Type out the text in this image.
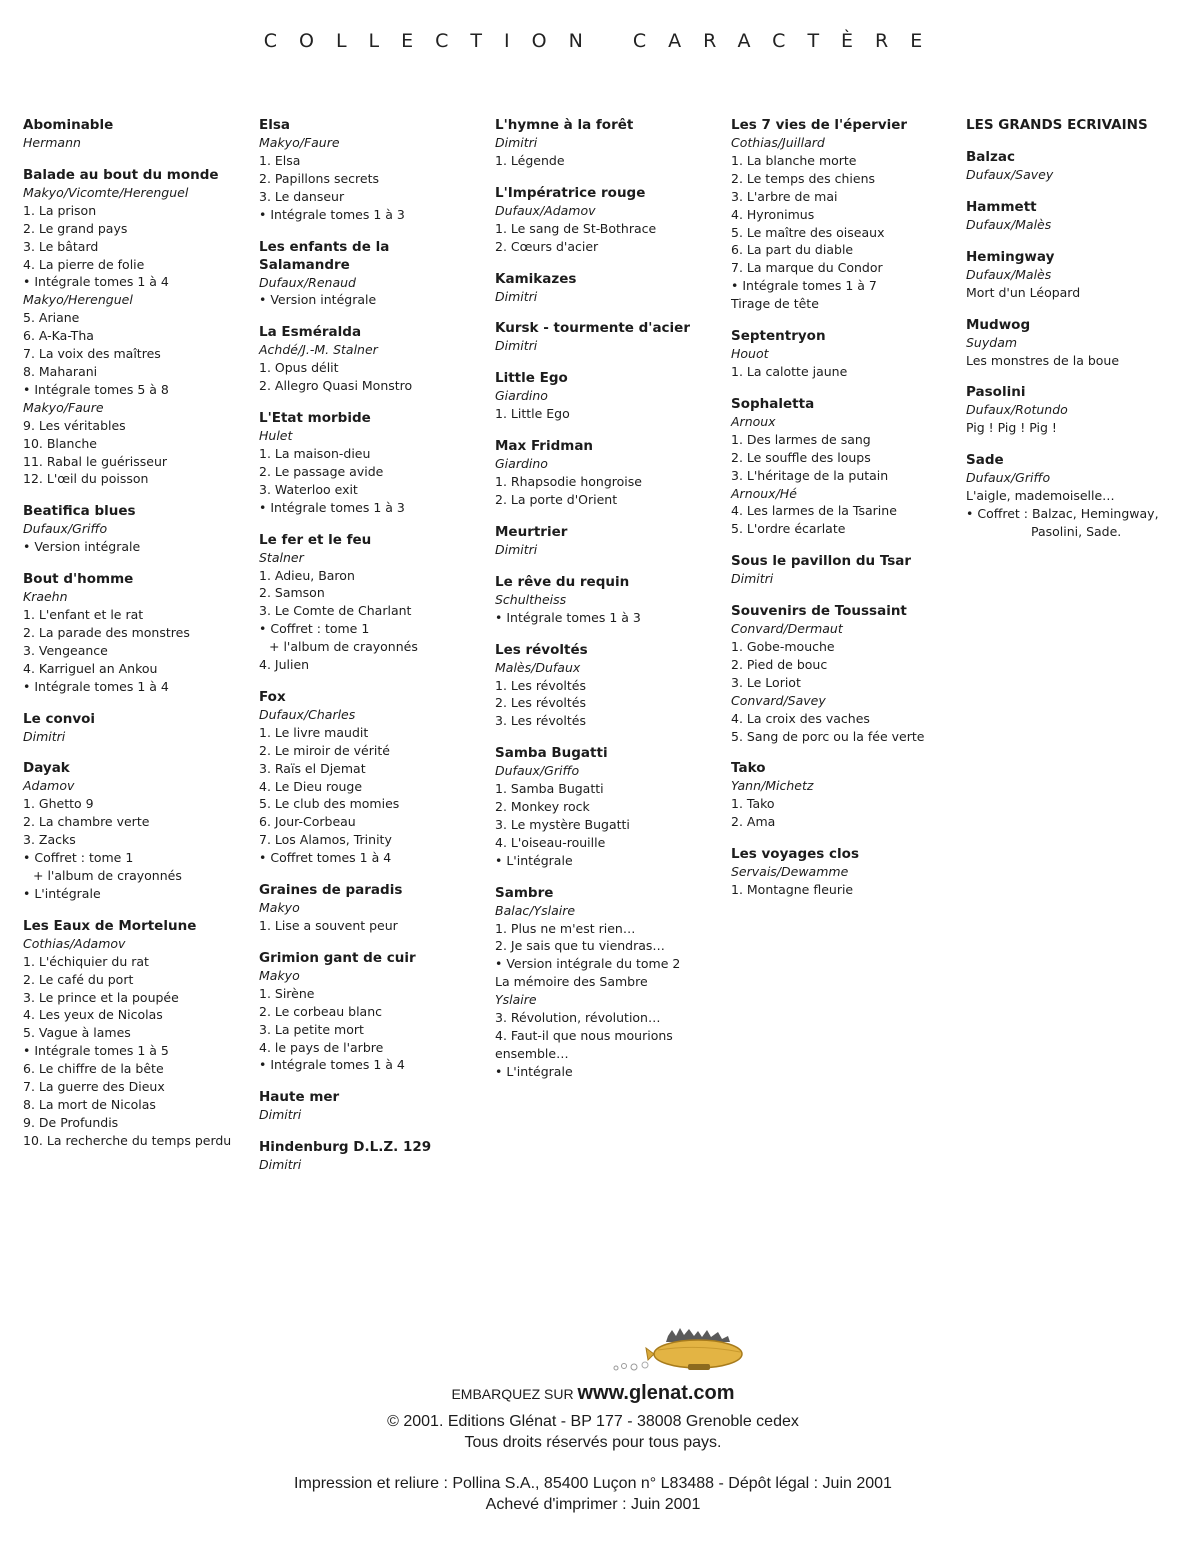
COLLECTION CARACTÈRE
Abominable
Hermann
Balade au bout du monde
Makyo/Vicomte/Herenguel
1. La prison
2. Le grand pays
3. Le bâtard
4. La pierre de folie
• Intégrale tomes 1 à 4
Makyo/Herenguel
5. Ariane
6. A-Ka-Tha
7. La voix des maîtres
8. Maharani
• Intégrale tomes 5 à 8
Makyo/Faure
9. Les véritables
10. Blanche
11. Rabal le guérisseur
12. L'œil du poisson
Beatifica blues
Dufaux/Griffo
• Version intégrale
Bout d'homme
Kraehn
1. L'enfant et le rat
2. La parade des monstres
3. Vengeance
4. Karriguel an Ankou
• Intégrale tomes 1 à 4
Le convoi
Dimitri
Dayak
Adamov
1. Ghetto 9
2. La chambre verte
3. Zacks
• Coffret : tome 1
+ l'album de crayonnés
• L'intégrale
Les Eaux de Mortelune
Cothias/Adamov
1. L'échiquier du rat
2. Le café du port
3. Le prince et la poupée
4. Les yeux de Nicolas
5. Vague à lames
• Intégrale tomes 1 à 5
6. Le chiffre de la bête
7. La guerre des Dieux
8. La mort de Nicolas
9. De Profundis
10. La recherche du temps perdu
Elsa
Makyo/Faure
1. Elsa
2. Papillons secrets
3. Le danseur
• Intégrale tomes 1 à 3
Les enfants de la Salamandre
Dufaux/Renaud
• Version intégrale
La Esméralda
Achdé/J.-M. Stalner
1. Opus délit
2. Allegro Quasi Monstro
L'Etat morbide
Hulet
1. La maison-dieu
2. Le passage avide
3. Waterloo exit
• Intégrale tomes 1 à 3
Le fer et le feu
Stalner
1. Adieu, Baron
2. Samson
3. Le Comte de Charlant
• Coffret : tome 1
+ l'album de crayonnés
4. Julien
Fox
Dufaux/Charles
1. Le livre maudit
2. Le miroir de vérité
3. Raïs el Djemat
4. Le Dieu rouge
5. Le club des momies
6. Jour-Corbeau
7. Los Alamos, Trinity
• Coffret tomes 1 à 4
Graines de paradis
Makyo
1. Lise a souvent peur
Grimion gant de cuir
Makyo
1. Sirène
2. Le corbeau blanc
3. La petite mort
4. le pays de l'arbre
• Intégrale tomes 1 à 4
Haute mer
Dimitri
Hindenburg D.L.Z. 129
Dimitri
L'hymne à la forêt
Dimitri
1. Légende
L'Impératrice rouge
Dufaux/Adamov
1. Le sang de St-Bothrace
2. Cœurs d'acier
Kamikazes
Dimitri
Kursk - tourmente d'acier
Dimitri
Little Ego
Giardino
1. Little Ego
Max Fridman
Giardino
1. Rhapsodie hongroise
2. La porte d'Orient
Meurtrier
Dimitri
Le rêve du requin
Schultheiss
• Intégrale tomes 1 à 3
Les révoltés
Malès/Dufaux
1. Les révoltés
2. Les révoltés
3. Les révoltés
Samba Bugatti
Dufaux/Griffo
1. Samba Bugatti
2. Monkey rock
3. Le mystère Bugatti
4. L'oiseau-rouille
• L'intégrale
Sambre
Balac/Yslaire
1. Plus ne m'est rien…
2. Je sais que tu viendras…
• Version intégrale du tome 2
La mémoire des Sambre
Yslaire
3. Révolution, révolution…
4. Faut-il que nous mourions
ensemble…
• L'intégrale
Les 7 vies de l'épervier
Cothias/Juillard
1. La blanche morte
2. Le temps des chiens
3. L'arbre de mai
4. Hyronimus
5. Le maître des oiseaux
6. La part du diable
7. La marque du Condor
• Intégrale tomes 1 à 7
Tirage de tête
Septentryon
Houot
1. La calotte jaune
Sophaletta
Arnoux
1. Des larmes de sang
2. Le souffle des loups
3. L'héritage de la putain
Arnoux/Hé
4. Les larmes de la Tsarine
5. L'ordre écarlate
Sous le pavillon du Tsar
Dimitri
Souvenirs de Toussaint
Convard/Dermaut
1. Gobe-mouche
2. Pied de bouc
3. Le Loriot
Convard/Savey
4. La croix des vaches
5. Sang de porc ou la fée verte
Tako
Yann/Michetz
1. Tako
2. Ama
Les voyages clos
Servais/Dewamme
1. Montagne fleurie
LES GRANDS ECRIVAINS
Balzac
Dufaux/Savey
Hammett
Dufaux/Malès
Hemingway
Dufaux/Malès
Mort d'un Léopard
Mudwog
Suydam
Les monstres de la boue
Pasolini
Dufaux/Rotundo
Pig ! Pig ! Pig !
Sade
Dufaux/Griffo
L'aigle, mademoiselle…
• Coffret : Balzac, Hemingway,
Pasolini, Sade.
EMBARQUEZ SUR www.glenat.com
© 2001. Editions Glénat - BP 177 - 38008 Grenoble cedex
Tous droits réservés pour tous pays.
Impression et reliure : Pollina S.A., 85400 Luçon n° L83488 - Dépôt légal : Juin 2001
Achevé d'imprimer : Juin 2001
